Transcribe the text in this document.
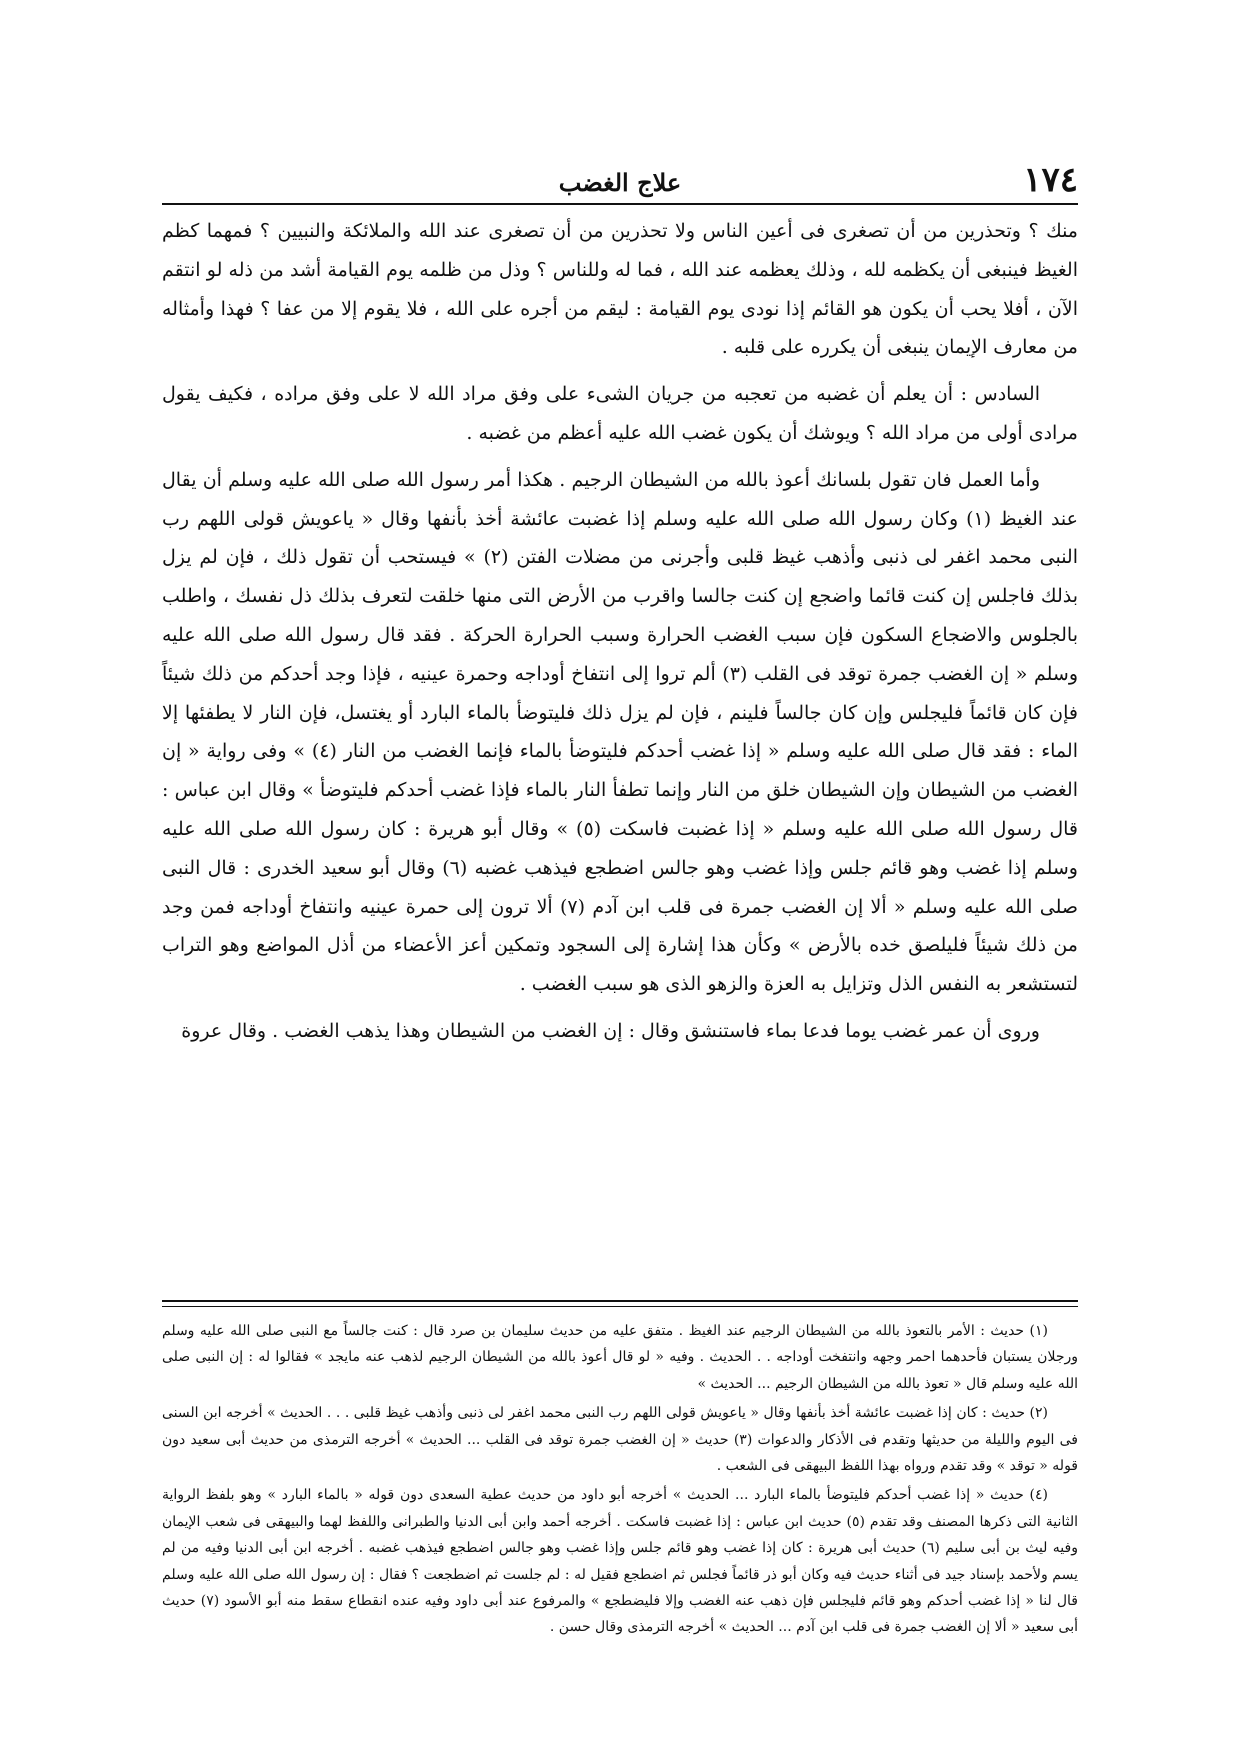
١٧٤
علاج الغضب

منك ؟ وتحذرين من أن تصغرى فى أعين الناس ولا تحذرين من أن تصغرى عند الله والملائكة والنبيين ؟ فمهما كظم الغيظ فينبغى أن يكظمه لله ، وذلك يعظمه عند الله ، فما له وللناس ؟ وذل من ظلمه يوم القيامة أشد من ذله لو انتقم الآن ، أفلا يحب أن يكون هو القائم إذا نودى يوم القيامة : ليقم من أجره على الله ، فلا يقوم إلا من عفا ؟ فهذا وأمثاله من معارف الإيمان ينبغى أن يكرره على قلبه .

السادس : أن يعلم أن غضبه من تعجبه من جريان الشىء على وفق مراد الله لا على وفق مراده ، فكيف يقول مرادى أولى من مراد الله ؟ ويوشك أن يكون غضب الله عليه أعظم من غضبه .

وأما العمل فان تقول بلسانك أعوذ بالله من الشيطان الرجيم . هكذا أمر رسول الله صلى الله عليه وسلم أن يقال عند الغيظ (١) وكان رسول الله صلى الله عليه وسلم إذا غضبت عائشة أخذ بأنفها وقال « ياعويش قولى اللهم رب النبى محمد اغفر لى ذنبى وأذهب غيظ قلبى وأجرنى من مضلات الفتن (٢) » فيستحب أن تقول ذلك ، فإن لم يزل بذلك فاجلس إن كنت قائما واضجع إن كنت جالسا واقرب من الأرض التى منها خلقت لتعرف بذلك ذل نفسك ، واطلب بالجلوس والاضجاع السكون فإن سبب الغضب الحرارة وسبب الحرارة الحركة . فقد قال رسول الله صلى الله عليه وسلم « إن الغضب جمرة توقد فى القلب (٣) ألم تروا إلى انتفاخ أوداجه وحمرة عينيه ، فإذا وجد أحدكم من ذلك شيئاً فإن كان قائماً فليجلس وإن كان جالساً فلينم ، فإن لم يزل ذلك فليتوضأ بالماء البارد أو يغتسل، فإن النار لا يطفئها إلا الماء : فقد قال صلى الله عليه وسلم « إذا غضب أحدكم فليتوضأ بالماء فإنما الغضب من النار (٤) » وفى رواية « إن الغضب من الشيطان وإن الشيطان خلق من النار وإنما تطفأ النار بالماء فإذا غضب أحدكم فليتوضأ » وقال ابن عباس : قال رسول الله صلى الله عليه وسلم « إذا غضبت فاسكت (٥) » وقال أبو هريرة : كان رسول الله صلى الله عليه وسلم إذا غضب وهو قائم جلس وإذا غضب وهو جالس اضطجع فيذهب غضبه (٦) وقال أبو سعيد الخدرى : قال النبى صلى الله عليه وسلم « ألا إن الغضب جمرة فى قلب ابن آدم (٧) ألا ترون إلى حمرة عينيه وانتفاخ أوداجه فمن وجد من ذلك شيئاً فليلصق خده بالأرض » وكأن هذا إشارة إلى السجود وتمكين أعز الأعضاء من أذل المواضع وهو التراب لتستشعر به النفس الذل وتزايل به العزة والزهو الذى هو سبب الغضب .

وروى أن عمر غضب يوما فدعا بماء فاستنشق وقال : إن الغضب من الشيطان وهذا يذهب الغضب . وقال عروة

(١) حديث : الأمر بالتعوذ بالله من الشيطان الرجيم عند الغيظ . متفق عليه من حديث سليمان بن صرد قال : كنت جالساً مع النبى صلى الله عليه وسلم ورجلان يستبان فأحدهما احمر وجهه وانتفخت أوداجه . . الحديث . وفيه « لو قال أعوذ بالله من الشيطان الرجيم لذهب عنه مايجد » فقالوا له : إن النبى صلى الله عليه وسلم قال « تعوذ بالله من الشيطان الرجيم ... الحديث »

(٢) حديث : كان إذا غضبت عائشة أخذ بأنفها وقال « ياعويش قولى اللهم رب النبى محمد اغفر لى ذنبى وأذهب غيظ قلبى . . . الحديث » أخرجه ابن السنى فى اليوم والليلة من حديثها وتقدم فى الأذكار والدعوات (٣) حديث « إن الغضب جمرة توقد فى القلب ... الحديث » أخرجه الترمذى من حديث أبى سعيد دون قوله « توقد » وقد تقدم ورواه بهذا اللفظ البيهقى فى الشعب .

(٤) حديث « إذا غضب أحدكم فليتوضأ بالماء البارد ... الحديث » أخرجه أبو داود من حديث عطية السعدى دون قوله « بالماء البارد » وهو بلفظ الرواية الثانية التى ذكرها المصنف وقد تقدم (٥) حديث ابن عباس : إذا غضبت فاسكت . أخرجه أحمد وابن أبى الدنيا والطبرانى واللفظ لهما والبيهقى فى شعب الإيمان وفيه ليث بن أبى سليم (٦) حديث أبى هريرة : كان إذا غضب وهو قائم جلس وإذا غضب وهو جالس اضطجع فيذهب غضبه . أخرجه ابن أبى الدنيا وفيه من لم يسم ولأحمد بإسناد جيد فى أثناء حديث فيه وكان أبو ذر قائماً فجلس ثم اضطجع فقيل له : لم جلست ثم اضطجعت ؟ فقال : إن رسول الله صلى الله عليه وسلم قال لنا « إذا غضب أحدكم وهو قائم فليجلس فإن ذهب عنه الغضب وإلا فليضطجع » والمرفوع عند أبى داود وفيه عنده انقطاع سقط منه أبو الأسود (٧) حديث أبى سعيد « ألا إن الغضب جمرة فى قلب ابن آدم ... الحديث » أخرجه الترمذى وقال حسن .
